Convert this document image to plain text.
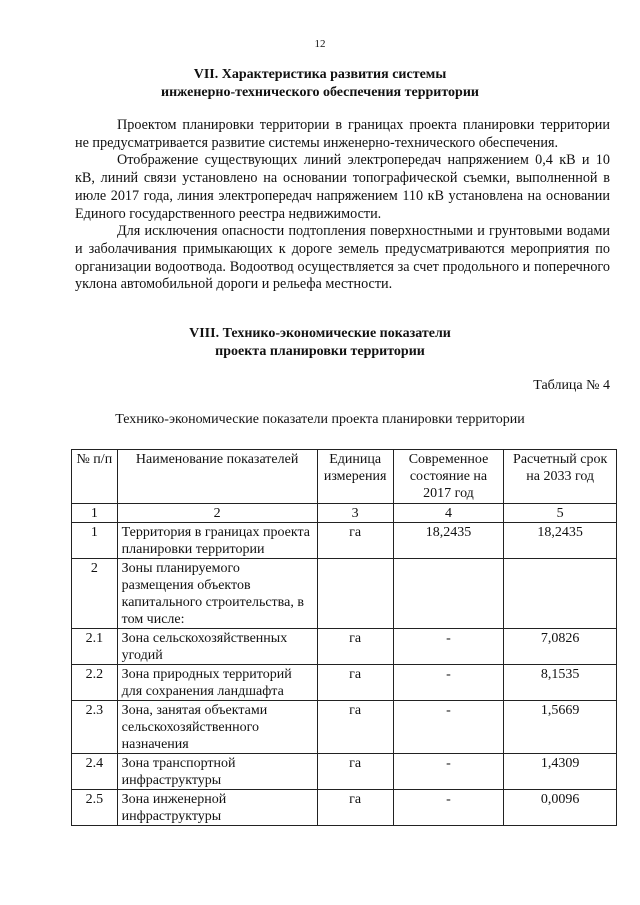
12
VII. Характеристика развития системы
инженерно-технического обеспечения территории

Проектом планировки территории в границах проекта планировки территории не предусматривается развитие системы инженерно-технического обеспечения.

Отображение существующих линий электропередач напряжением 0,4 кВ и 10 кВ, линий связи установлено на основании топографической съемки, выполненной в июле 2017 года, линия электропередач напряжением 110 кВ установлена на основании Единого государственного реестра недвижимости.

Для исключения опасности подтопления поверхностными и грунтовыми водами и заболачивания примыкающих к дороге земель предусматриваются мероприятия по организации водоотвода. Водоотвод осуществляется за счет продольного и поперечного уклона автомобильной дороги и рельефа местности.

VIII. Технико-экономические показатели
проекта планировки территории
Таблица № 4
Технико-экономические показатели проекта планировки территории
№ п/п	Наименование показателей	Единица измерения	Современное состояние на 2017 год	Расчетный срок на 2033 год
1	2	3	4	5
1	Территория в границах проекта планировки территории	га	18,2435	18,2435
2	Зоны планируемого размещения объектов капитального строительства, в том числе:			
2.1	Зона сельскохозяйственных угодий	га	-	7,0826
2.2	Зона природных территорий для сохранения ландшафта	га	-	8,1535
2.3	Зона, занятая объектами сельскохозяйственного назначения	га	-	1,5669
2.4	Зона транспортной инфраструктуры	га	-	1,4309
2.5	Зона инженерной инфраструктуры	га	-	0,0096
